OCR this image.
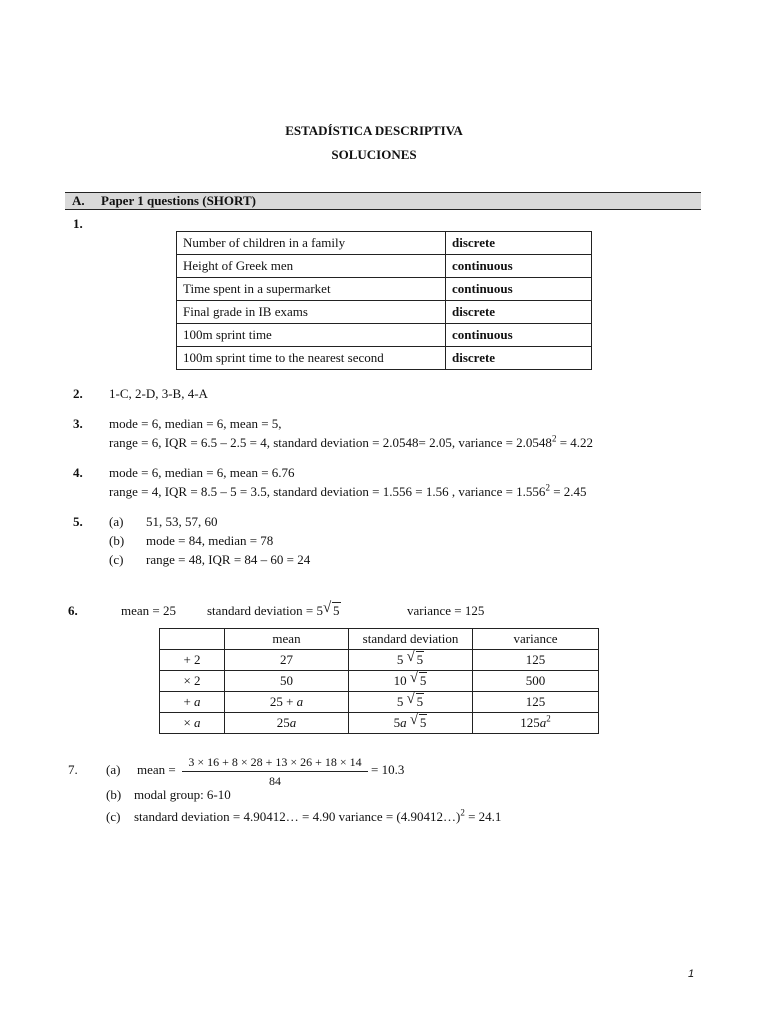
ESTADÍSTICA DESCRIPTIVA
SOLUCIONES
A. Paper 1 questions (SHORT)
1.
Number of children in a family	discrete
Height of Greek men	continuous
Time spent in a supermarket	continuous
Final grade in IB exams	discrete
100m sprint time	continuous
100m sprint time to the nearest second	discrete
2. 1-C, 2-D, 3-B, 4-A
3. mode = 6, median = 6, mean = 5,
range = 6, IQR = 6.5 – 2.5 = 4, standard deviation = 2.0548= 2.05, variance = $2.0548^2 = 4.22$
4. mode = 6, median = 6, mean = 6.76
range = 4, IQR = 8.5 – 5 = 3.5, standard deviation = 1.556 = 1.56 , variance = $1.556^2 = 2.45$
5. (a) 51, 53, 57, 60
(b) mode = 84, median = 78
(c) range = 48, IQR = 84 – 60 = 24
6.	mean = 25 standard deviation = 5 √ 5	variance = 125
	mean	standard deviation	variance
+ 2	27	5 √ 5	125
× 2	50	10 √ 5	500
+ a	25 + a	5 √ 5	125
× a	25a	5a √ 5	$125a^2$
7. (a) mean = $\frac{3 \times 16 + 8 \times 28 + 13 \times 26 + 18 \times 14}{84} = 10.3$
(b) modal group: 6-10
(c) standard deviation = 4.90412… = 4.90 variance = (4.90412…)$^2$ = 24.1
1
